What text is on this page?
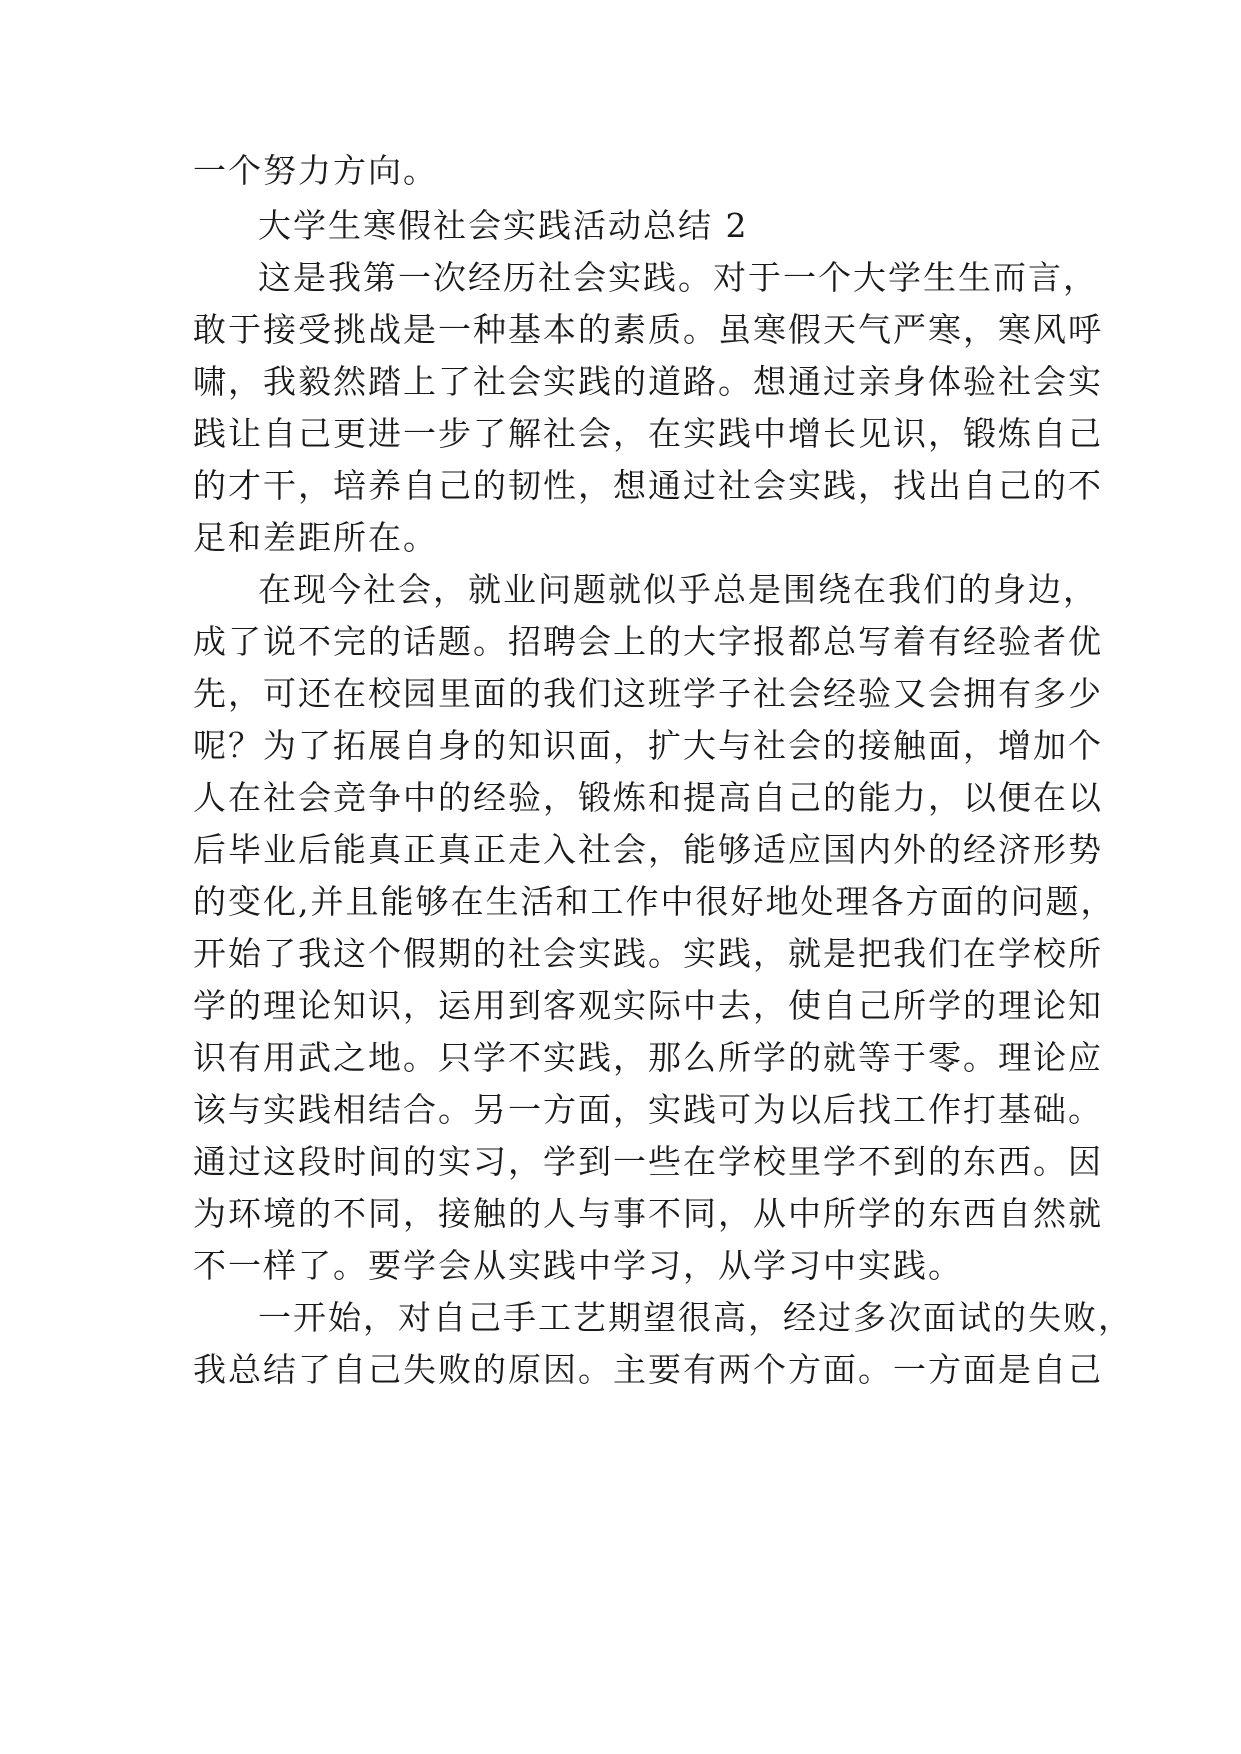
一个努力方向。
大学生寒假社会实践活动总结 2
这是我第一次经历社会实践。对于一个大学生生而言，
敢于接受挑战是一种基本的素质。虽寒假天气严寒，寒风呼
啸，我毅然踏上了社会实践的道路。想通过亲身体验社会实
践让自己更进一步了解社会，在实践中增长见识，锻炼自己
的才干，培养自己的韧性，想通过社会实践，找出自己的不
足和差距所在。
在现今社会，就业问题就似乎总是围绕在我们的身边，
成了说不完的话题。招聘会上的大字报都总写着有经验者优
先，可还在校园里面的我们这班学子社会经验又会拥有多少
呢？为了拓展自身的知识面，扩大与社会的接触面，增加个
人在社会竞争中的经验，锻炼和提高自己的能力，以便在以
后毕业后能真正真正走入社会，能够适应国内外的经济形势
的变化,并且能够在生活和工作中很好地处理各方面的问题，
开始了我这个假期的社会实践。实践，就是把我们在学校所
学的理论知识，运用到客观实际中去，使自己所学的理论知
识有用武之地。只学不实践，那么所学的就等于零。理论应
该与实践相结合。另一方面，实践可为以后找工作打基础。
通过这段时间的实习，学到一些在学校里学不到的东西。因
为环境的不同，接触的人与事不同，从中所学的东西自然就
不一样了。要学会从实践中学习，从学习中实践。
一开始，对自己手工艺期望很高，经过多次面试的失败，
我总结了自己失败的原因。主要有两个方面。一方面是自己
